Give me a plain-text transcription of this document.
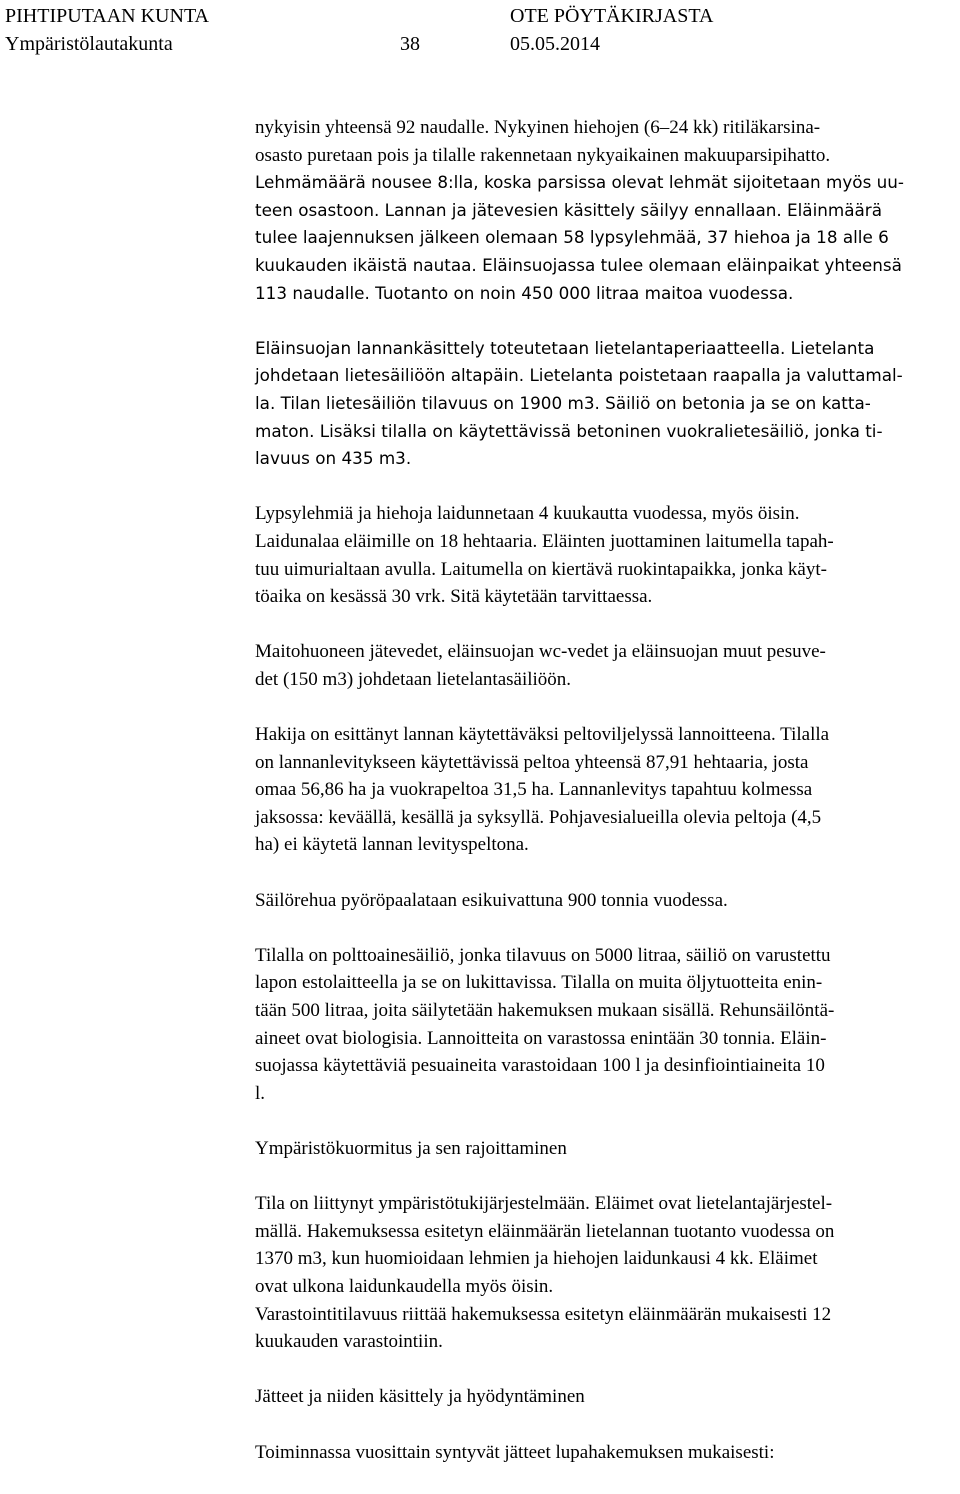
PIHTIPUTAAN KUNTA	OTE PÖYTÄKIRJASTA
Ympäristölautakunta	38	05.05.2014

nykyisin yhteensä 92 naudalle. Nykyinen hiehojen (6–24 kk) ritiläkarsina-
osasto puretaan pois ja tilalle rakennetaan nykyaikainen makuuparsipihatto.
Lehmämäärä nousee 8:lla, koska parsissa olevat lehmät sijoitetaan myös uu-
teen osastoon. Lannan ja jätevesien käsittely säilyy ennallaan. Eläinmäärä
tulee laajennuksen jälkeen olemaan 58 lypsylehmää, 37 hiehoa ja 18 alle 6
kuukauden ikäistä nautaa. Eläinsuojassa tulee olemaan eläinpaikat yhteensä
113 naudalle. Tuotanto on noin 450 000 litraa maitoa vuodessa.

Eläinsuojan lannankäsittely toteutetaan lietelantaperiaatteella. Lietelanta
johdetaan lietesäiliöön altapäin. Lietelanta poistetaan raapalla ja valuttamal-
la. Tilan lietesäiliön tilavuus on 1900 m3. Säiliö on betonia ja se on katta-
maton. Lisäksi tilalla on käytettävissä betoninen vuokralietesäiliö, jonka ti-
lavuus on 435 m3.

Lypsylehmiä ja hiehoja laidunnetaan 4 kuukautta vuodessa, myös öisin.
Laidunalaa eläimille on 18 hehtaaria. Eläinten juottaminen laitumella tapah-
tuu uimurialtaan avulla. Laitumella on kiertävä ruokintapaikka, jonka käyt-
töaika on kesässä 30 vrk. Sitä käytetään tarvittaessa.

Maitohuoneen jätevedet, eläinsuojan wc-vedet ja eläinsuojan muut pesuve-
det (150 m3) johdetaan lietelantasäiliöön.

Hakija on esittänyt lannan käytettäväksi peltoviljelyssä lannoitteena. Tilalla
on lannanlevitykseen käytettävissä peltoa yhteensä 87,91 hehtaaria, josta
omaa 56,86 ha ja vuokrapeltoa 31,5 ha. Lannanlevitys tapahtuu kolmessa
jaksossa: keväällä, kesällä ja syksyllä. Pohjavesialueilla olevia peltoja (4,5
ha) ei käytetä lannan levityspeltona.

Säilörehua pyöröpaalataan esikuivattuna 900 tonnia vuodessa.

Tilalla on polttoainesäiliö, jonka tilavuus on 5000 litraa, säiliö on varustettu
lapon estolaitteella ja se on lukittavissa. Tilalla on muita öljytuotteita enin-
tään 500 litraa, joita säilytetään hakemuksen mukaan sisällä. Rehunsäilöntä-
aineet ovat biologisia. Lannoitteita on varastossa enintään 30 tonnia. Eläin-
suojassa käytettäviä pesuaineita varastoidaan 100 l ja desinfiointiaineita 10
l.

Ympäristökuormitus ja sen rajoittaminen

Tila on liittynyt ympäristötukijärjestelmään. Eläimet ovat lietelantajärjestel-
mällä. Hakemuksessa esitetyn eläinmäärän lietelannan tuotanto vuodessa on
1370 m3, kun huomioidaan lehmien ja hiehojen laidunkausi 4 kk. Eläimet
ovat ulkona laidunkaudella myös öisin.
Varastointitilavuus riittää hakemuksessa esitetyn eläinmäärän mukaisesti 12
kuukauden varastointiin.

Jätteet ja niiden käsittely ja hyödyntäminen

Toiminnassa vuosittain syntyvät jätteet lupahakemuksen mukaisesti:
